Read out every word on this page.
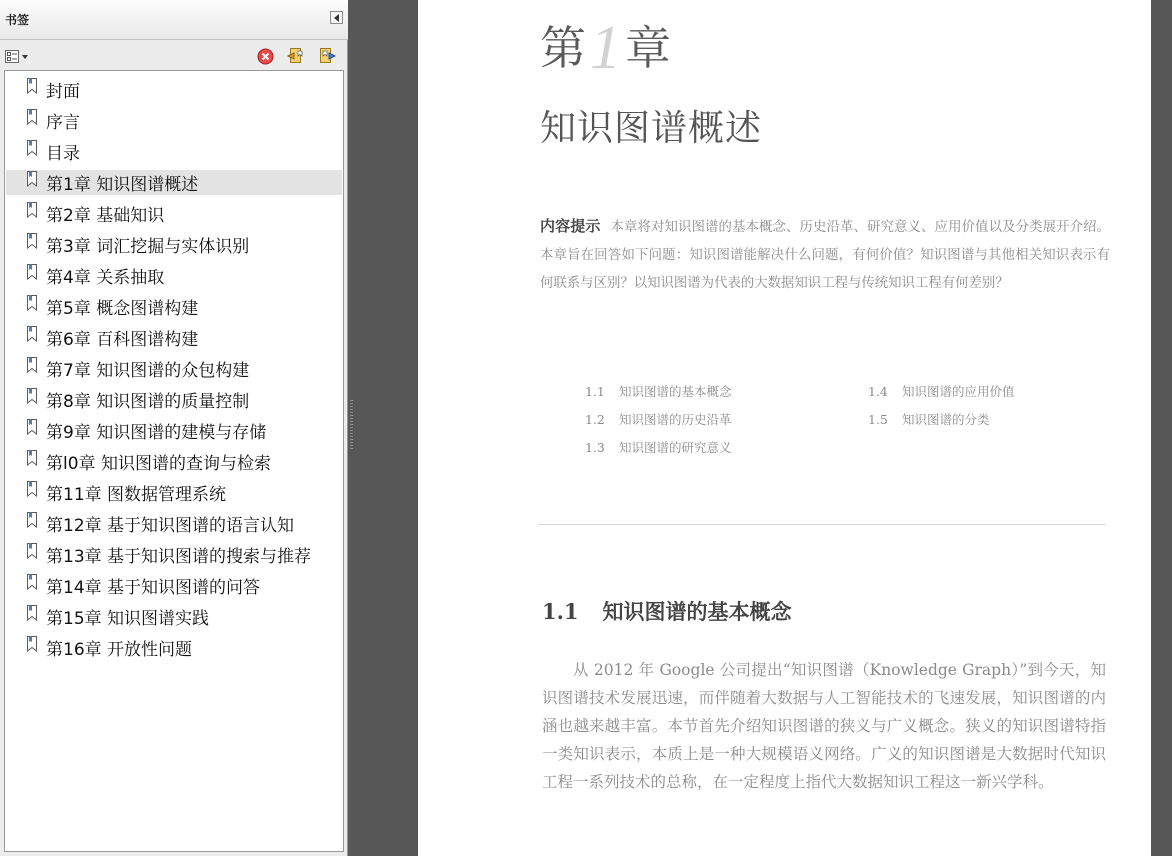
书签
封面
序言
目录
第1章 知识图谱概述
第2章 基础知识
第3章 词汇挖掘与实体识别
第4章 关系抽取
第5章 概念图谱构建
第6章 百科图谱构建
第7章 知识图谱的众包构建
第8章 知识图谱的质量控制
第9章 知识图谱的建模与存储
第l0章 知识图谱的查询与检索
第11章 图数据管理系统
第12章 基于知识图谱的语言认知
第13章 基于知识图谱的搜索与推荐
第14章 基于知识图谱的问答
第15章 知识图谱实践
第16章 开放性问题
第1章
知识图谱概述
内容提示 本章将对知识图谱的基本概念、历史沿革、研究意义、应用价值以及分类展开介绍。本章旨在回答如下问题：知识图谱能解决什么问题，有何价值？知识图谱与其他相关知识表示有何联系与区别？以知识图谱为代表的大数据知识工程与传统知识工程有何差别？
1.1 知识图谱的基本概念
1.2 知识图谱的历史沿革
1.3 知识图谱的研究意义
1.4 知识图谱的应用价值
1.5 知识图谱的分类
1.1 知识图谱的基本概念
从 2012 年 Google 公司提出“知识图谱（Knowledge Graph）”到今天，知识图谱技术发展迅速，而伴随着大数据与人工智能技术的飞速发展，知识图谱的内涵也越来越丰富。本节首先介绍知识图谱的狭义与广义概念。狭义的知识图谱特指一类知识表示，本质上是一种大规模语义网络。广义的知识图谱是大数据时代知识工程一系列技术的总称，在一定程度上指代大数据知识工程这一新兴学科。
